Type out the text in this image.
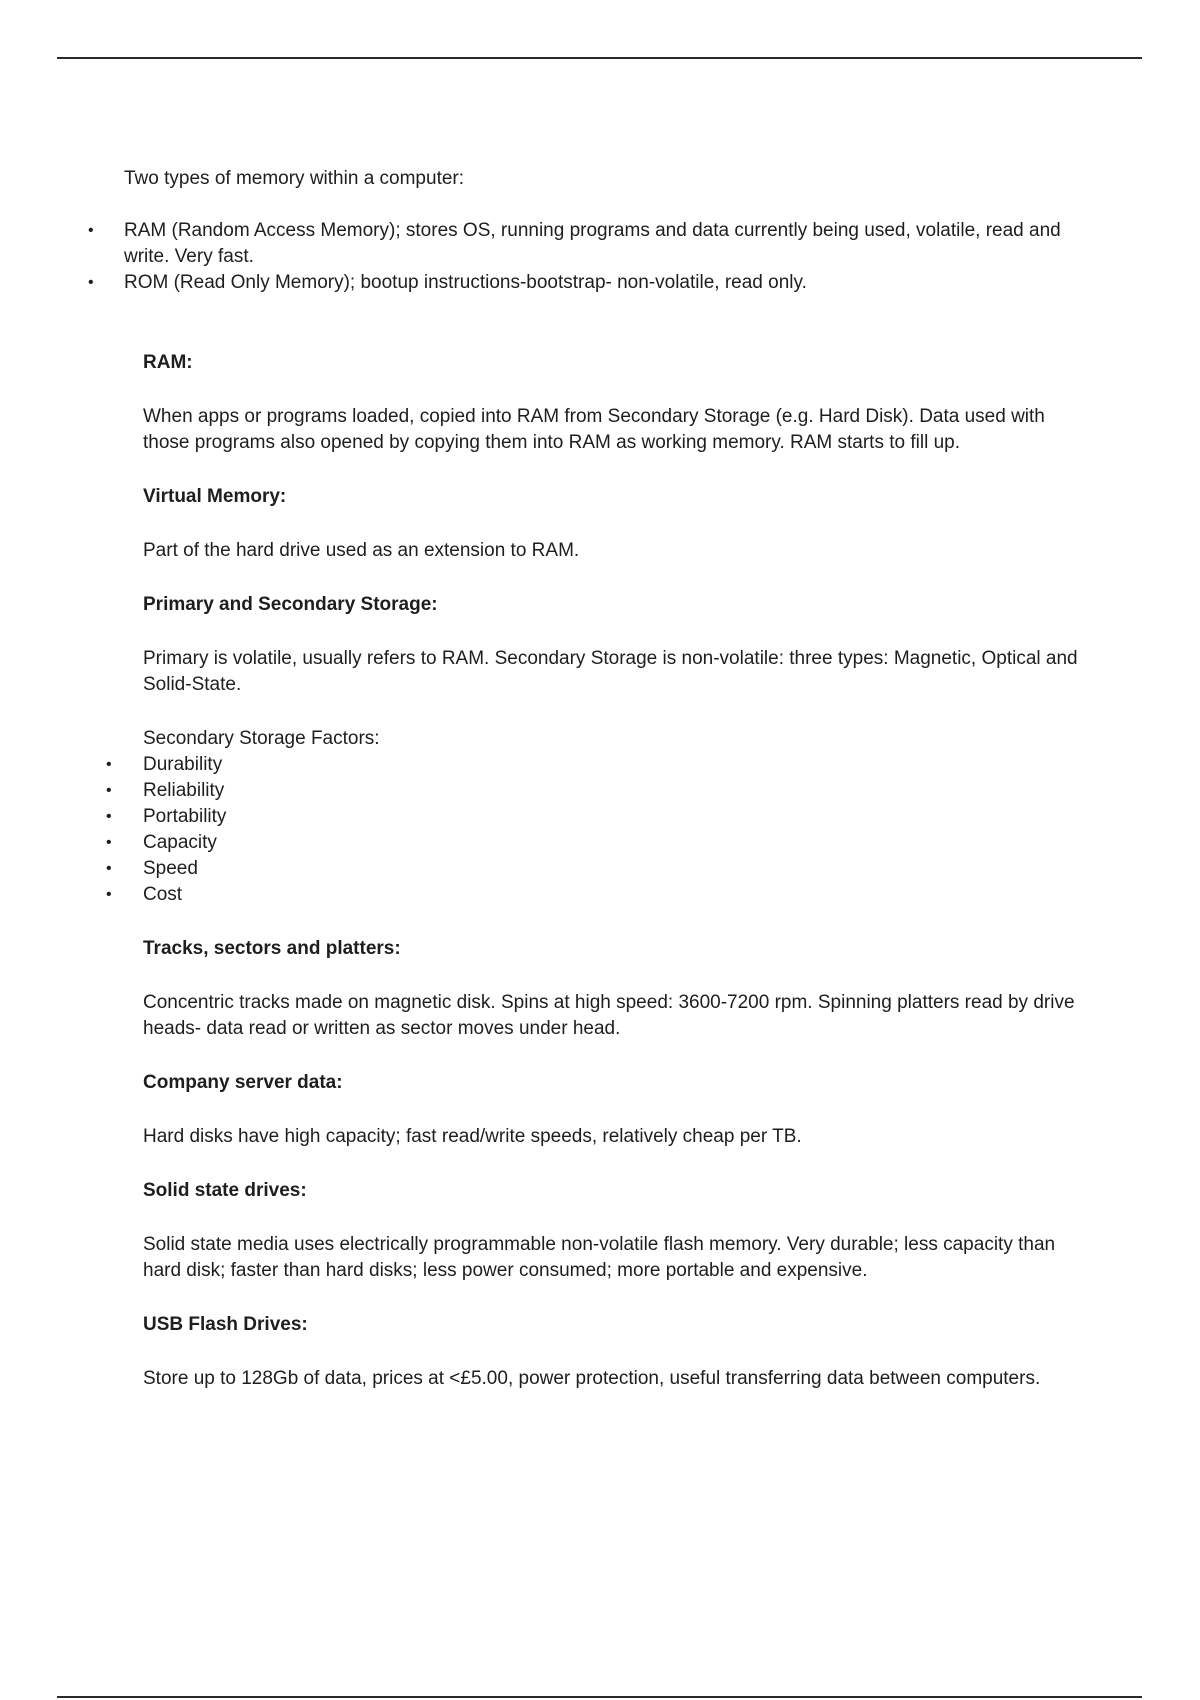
Two types of memory within a computer:

• RAM (Random Access Memory); stores OS, running programs and data currently being used, volatile, read and write. Very fast.
• ROM (Read Only Memory); bootup instructions-bootstrap- non-volatile, read only.

RAM:

When apps or programs loaded, copied into RAM from Secondary Storage (e.g. Hard Disk). Data used with those programs also opened by copying them into RAM as working memory. RAM starts to fill up.

Virtual Memory:

Part of the hard drive used as an extension to RAM.

Primary and Secondary Storage:

Primary is volatile, usually refers to RAM. Secondary Storage is non-volatile: three types: Magnetic, Optical and Solid-State.

Secondary Storage Factors:

• Durability
• Reliability
• Portability
• Capacity
• Speed
• Cost

Tracks, sectors and platters:

Concentric tracks made on magnetic disk. Spins at high speed: 3600-7200 rpm. Spinning platters read by drive heads- data read or written as sector moves under head.

Company server data:

Hard disks have high capacity; fast read/write speeds, relatively cheap per TB.

Solid state drives:

Solid state media uses electrically programmable non-volatile flash memory. Very durable; less capacity than hard disk; faster than hard disks; less power consumed; more portable and expensive.

USB Flash Drives:

Store up to 128Gb of data, prices at <£5.00, power protection, useful transferring data between computers.
